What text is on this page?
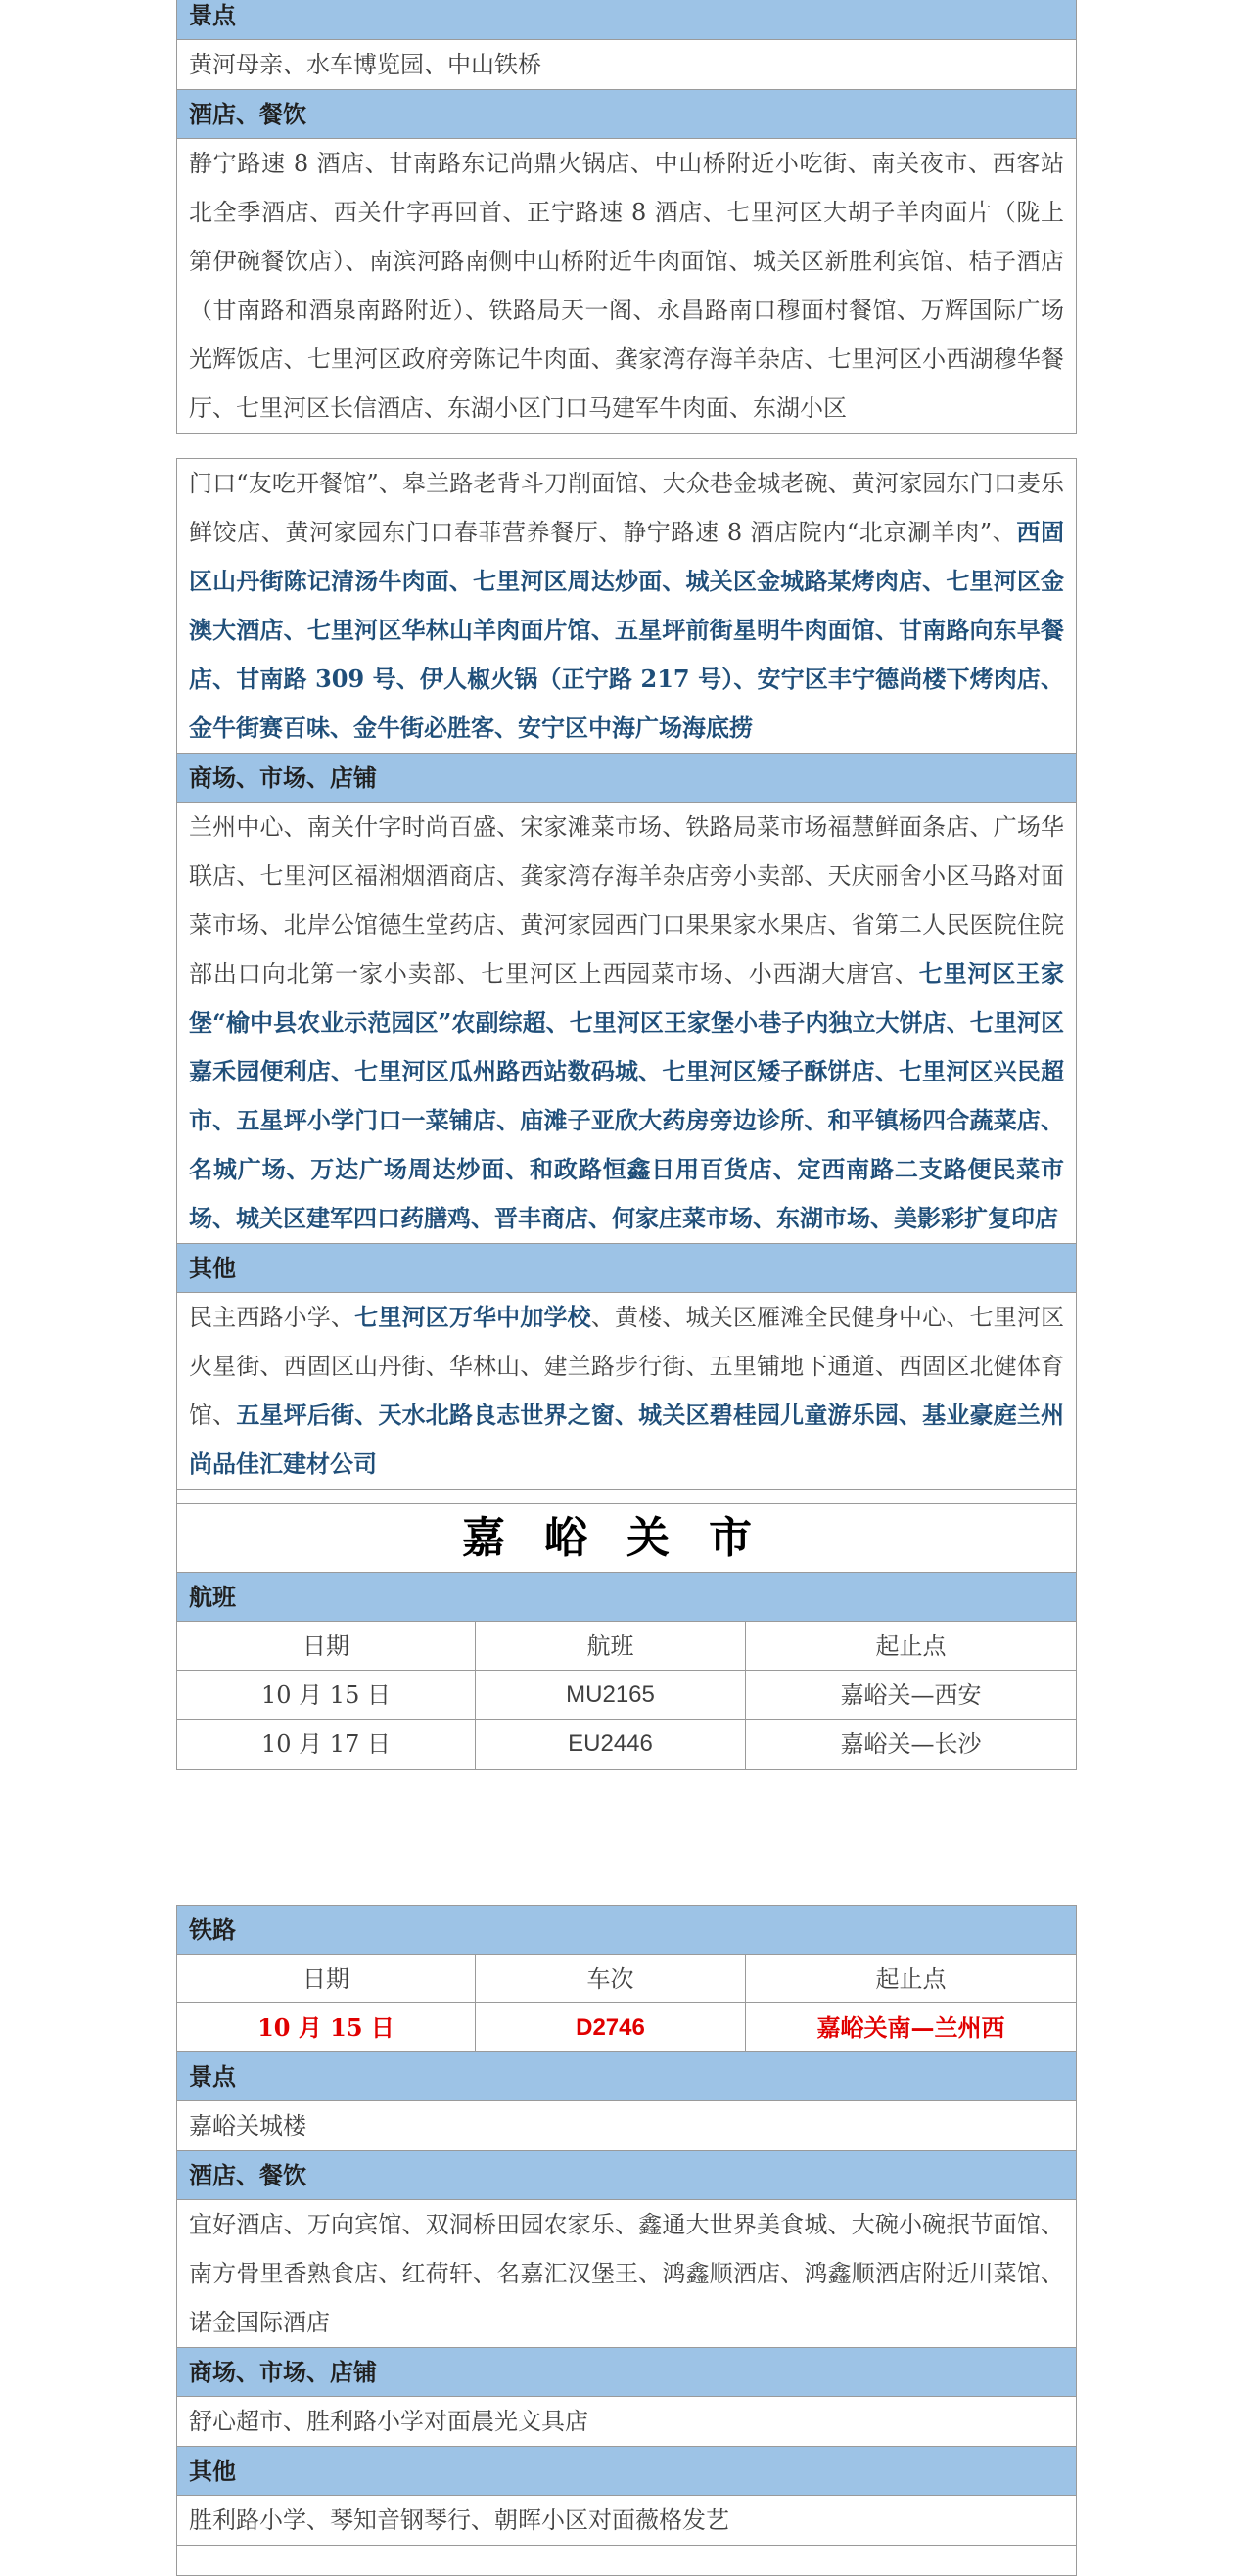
景点
黄河母亲、水车博览园、中山铁桥
酒店、餐饮
静宁路速 8 酒店、甘南路东记尚鼎火锅店、中山桥附近小吃街、南关夜市、西客站北全季酒店、西关什字再回首、正宁路速 8 酒店、七里河区大胡子羊肉面片（陇上第伊碗餐饮店）、南滨河路南侧中山桥附近牛肉面馆、城关区新胜利宾馆、桔子酒店（甘南路和酒泉南路附近）、铁路局天一阁、永昌路南口穆面村餐馆、万辉国际广场光辉饭店、七里河区政府旁陈记牛肉面、龚家湾存海羊杂店、七里河区小西湖穆华餐厅、七里河区长信酒店、东湖小区门口马建军牛肉面、东湖小区
门口“友吃开餐馆”、皋兰路老背斗刀削面馆、大众巷金城老碗、黄河家园东门口麦乐鲜饺店、黄河家园东门口春菲营养餐厅、静宁路速 8 酒店院内“北京涮羊肉”、西固区山丹街陈记清汤牛肉面、七里河区周达炒面、城关区金城路某烤肉店、七里河区金澳大酒店、七里河区华林山羊肉面片馆、五星坪前街星明牛肉面馆、甘南路向东早餐店、甘南路 309 号、伊人椒火锅（正宁路 217 号）、安宁区丰宁德尚楼下烤肉店、金牛街赛百味、金牛街必胜客、安宁区中海广场海底捞
商场、市场、店铺
兰州中心、南关什字时尚百盛、宋家滩菜市场、铁路局菜市场福慧鲜面条店、广场华联店、七里河区福湘烟酒商店、龚家湾存海羊杂店旁小卖部、天庆丽舍小区马路对面菜市场、北岸公馆德生堂药店、黄河家园西门口果果家水果店、省第二人民医院住院部出口向北第一家小卖部、七里河区上西园菜市场、小西湖大唐宫、七里河区王家堡“榆中县农业示范园区”农副综超、七里河区王家堡小巷子内独立大饼店、七里河区嘉禾园便利店、七里河区瓜州路西站数码城、七里河区矮子酥饼店、七里河区兴民超市、五星坪小学门口一菜铺店、庙滩子亚欣大药房旁边诊所、和平镇杨四合蔬菜店、名城广场、万达广场周达炒面、和政路恒鑫日用百货店、定西南路二支路便民菜市场、城关区建军四口药膳鸡、晋丰商店、何家庄菜市场、东湖市场、美影彩扩复印店
其他
民主西路小学、七里河区万华中加学校、黄楼、城关区雁滩全民健身中心、七里河区火星街、西固区山丹街、华林山、建兰路步行街、五里铺地下通道、西固区北健体育馆、五星坪后街、天水北路良志世界之窗、城关区碧桂园儿童游乐园、基业豪庭兰州尚品佳汇建材公司
嘉峪关市
航班
日期	航班	起止点
10 月 15 日	MU2165	嘉峪关—西安
10 月 17 日	EU2446	嘉峪关—长沙
铁路
日期	车次	起止点
10 月 15 日	D2746	嘉峪关南—兰州西
景点
嘉峪关城楼
酒店、餐饮
宜好酒店、万向宾馆、双洞桥田园农家乐、鑫通大世界美食城、大碗小碗抿节面馆、南方骨里香熟食店、红荷轩、名嘉汇汉堡王、鸿鑫顺酒店、鸿鑫顺酒店附近川菜馆、诺金国际酒店
商场、市场、店铺
舒心超市、胜利路小学对面晨光文具店
其他
胜利路小学、琴知音钢琴行、朝晖小区对面薇格发艺
